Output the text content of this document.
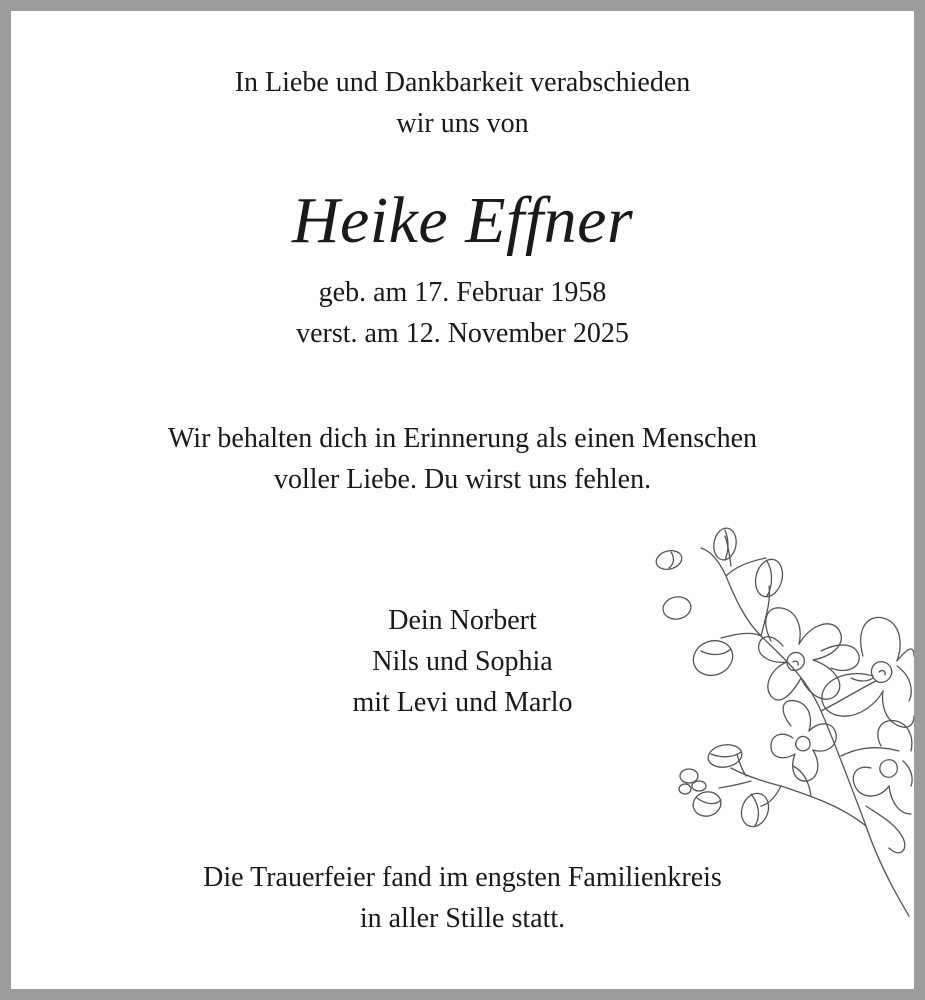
In Liebe und Dankbarkeit verabschieden
wir uns von
Heike Effner
geb. am 17. Februar 1958
verst. am 12. November 2025
Wir behalten dich in Erinnerung als einen Menschen
voller Liebe. Du wirst uns fehlen.
Dein Norbert
Nils und Sophia
mit Levi und Marlo
Die Trauerfeier fand im engsten Familienkreis
in aller Stille statt.
